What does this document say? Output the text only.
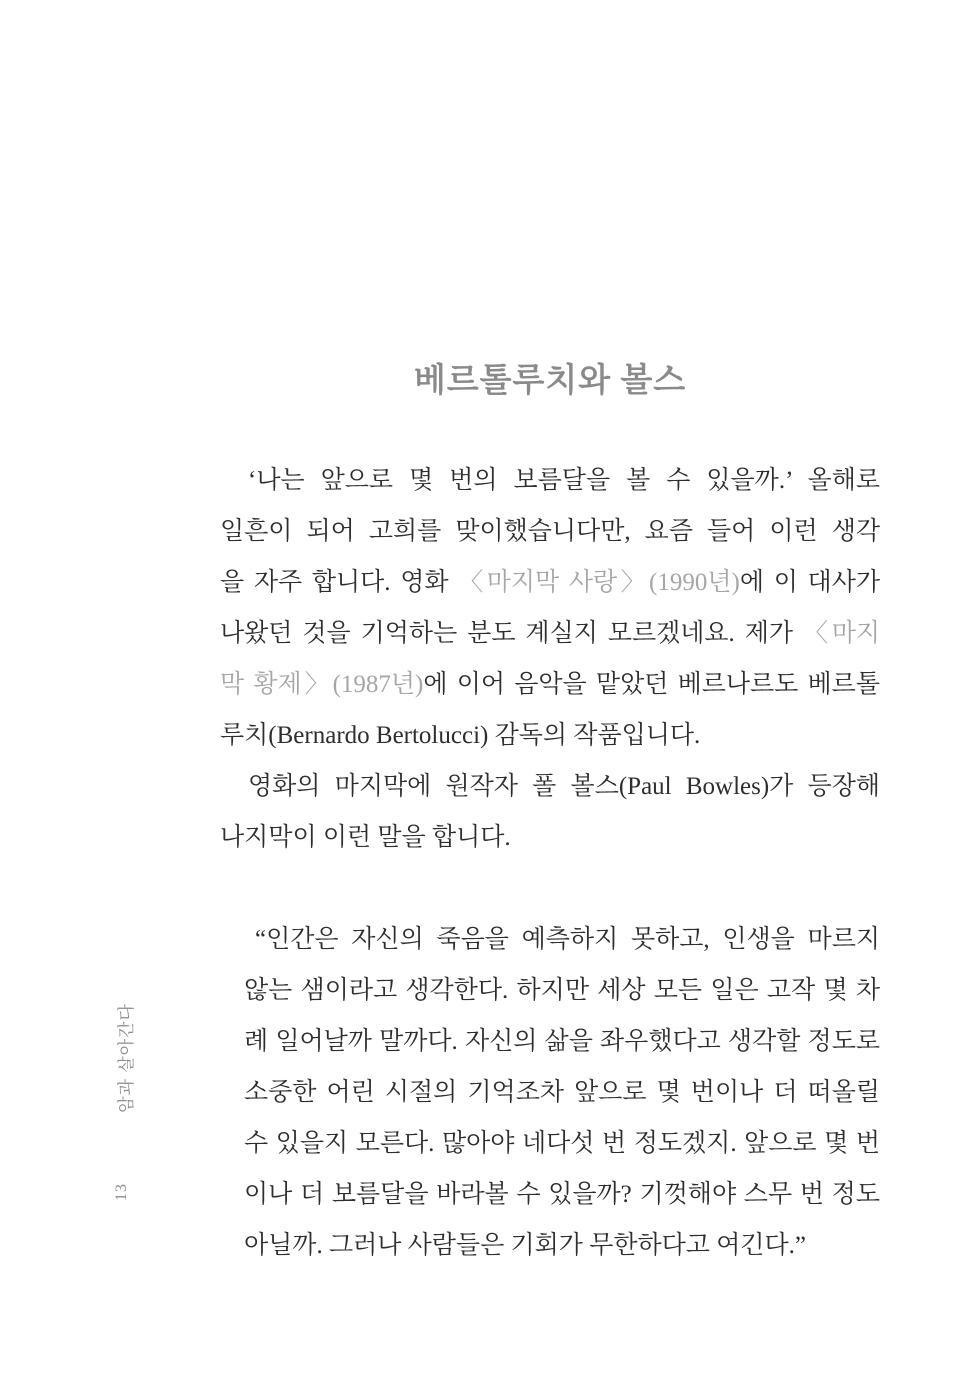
베르톨루치와 볼스
‘나는 앞으로 몇 번의 보름달을 볼 수 있을까.’ 올해로
일흔이 되어 고희를 맞이했습니다만, 요즘 들어 이런 생각
을 자주 합니다. 영화 〈마지막 사랑〉(1990년)에 이 대사가
나왔던 것을 기억하는 분도 계실지 모르겠네요. 제가 〈마지
막 황제〉(1987년)에 이어 음악을 맡았던 베르나르도 베르톨
루치(Bernardo Bertolucci) 감독의 작품입니다.
영화의 마지막에 원작자 폴 볼스(Paul Bowles)가 등장해
나지막이 이런 말을 합니다.
“인간은 자신의 죽음을 예측하지 못하고, 인생을 마르지
않는 샘이라고 생각한다. 하지만 세상 모든 일은 고작 몇 차
례 일어날까 말까다. 자신의 삶을 좌우했다고 생각할 정도로
소중한 어린 시절의 기억조차 앞으로 몇 번이나 더 떠올릴
수 있을지 모른다. 많아야 네다섯 번 정도겠지. 앞으로 몇 번
이나 더 보름달을 바라볼 수 있을까? 기껏해야 스무 번 정도
아닐까. 그러나 사람들은 기회가 무한하다고 여긴다.”
암과 살아간다
13
